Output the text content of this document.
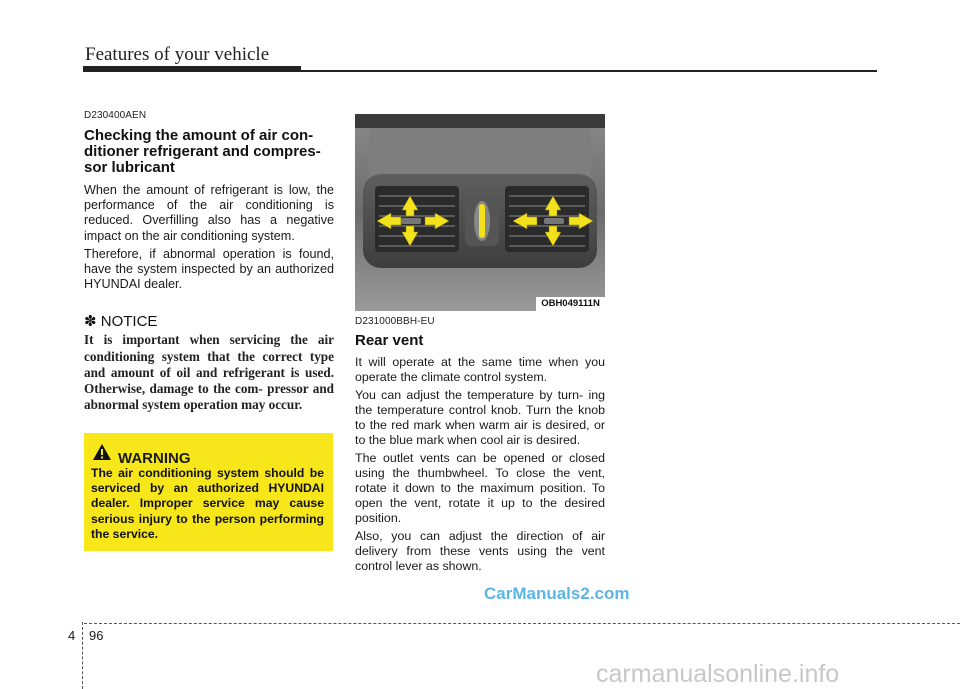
Features of your vehicle
D230400AEN
Checking the amount of air con- ditioner refrigerant and compres- sor lubricant

When the amount of refrigerant is low, the performance of the air conditioning is reduced. Overfilling also has a negative impact on the air conditioning system.

Therefore, if abnormal operation is found, have the system inspected by an authorized HYUNDAI dealer.

✽ NOTICE

It is important when servicing the air conditioning system that the correct type and amount of oil and refrigerant is used. Otherwise, damage to the com- pressor and abnormal system operation may occur.

WARNING
The air conditioning system should be serviced by an authorized HYUNDAI dealer. Improper service may cause serious injury to the person performing the service.
OBH049111N
D231000BBH-EU
Rear vent

It will operate at the same time when you operate the climate control system.

You can adjust the temperature by turn- ing the temperature control knob. Turn the knob to the red mark when warm air is desired, or to the blue mark when cool air is desired.

The outlet vents can be opened or closed using the thumbwheel. To close the vent, rotate it down to the maximum position. To open the vent, rotate it up to the desired position.

Also, you can adjust the direction of air delivery from these vents using the vent control lever as shown.

CarManuals2.com
4 96
carmanualsonline.info
